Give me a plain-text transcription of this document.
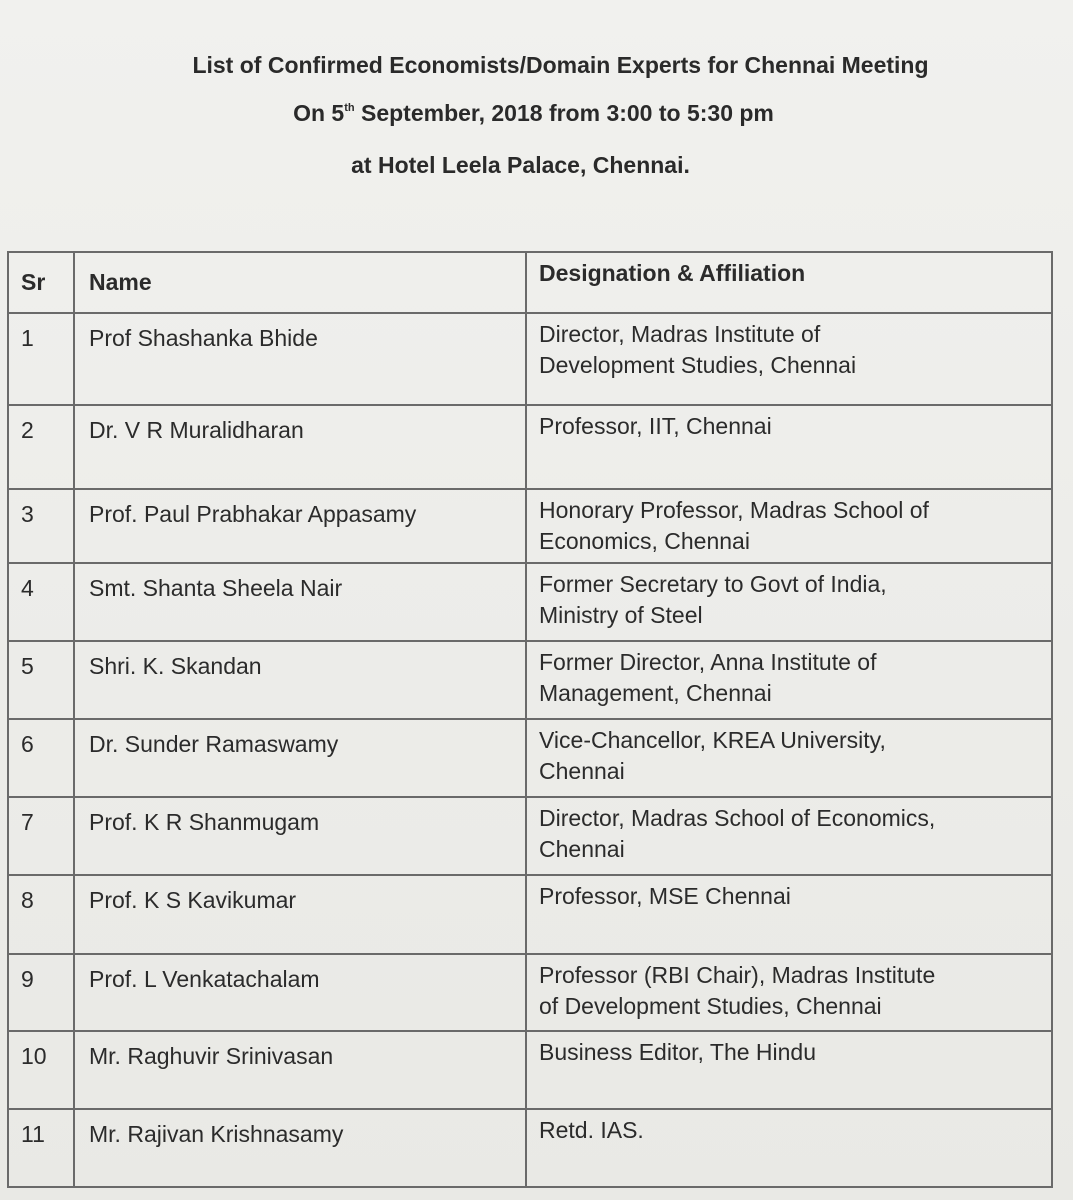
List of Confirmed Economists/Domain Experts for Chennai Meeting
On 5th September, 2018 from 3:00 to 5:30 pm
at Hotel Leela Palace, Chennai.
Sr	Name	Designation & Affiliation
1	Prof Shashanka Bhide	Director, Madras Institute of
Development Studies, Chennai

2	Dr. V R Muralidharan	Professor, IIT, Chennai

3	Prof. Paul Prabhakar Appasamy	Honorary Professor, Madras School of
Economics, Chennai

4	Smt. Shanta Sheela Nair	Former Secretary to Govt of India,
Ministry of Steel

5	Shri. K. Skandan	Former Director, Anna Institute of
Management, Chennai

6	Dr. Sunder Ramaswamy	Vice-Chancellor, KREA University,
Chennai

7	Prof. K R Shanmugam	Director, Madras School of Economics,
Chennai

8	Prof. K S Kavikumar	Professor, MSE Chennai

9	Prof. L Venkatachalam	Professor (RBI Chair), Madras Institute
of Development Studies, Chennai

10	Mr. Raghuvir Srinivasan	Business Editor, The Hindu

11	Mr. Rajivan Krishnasamy	Retd. IAS.
